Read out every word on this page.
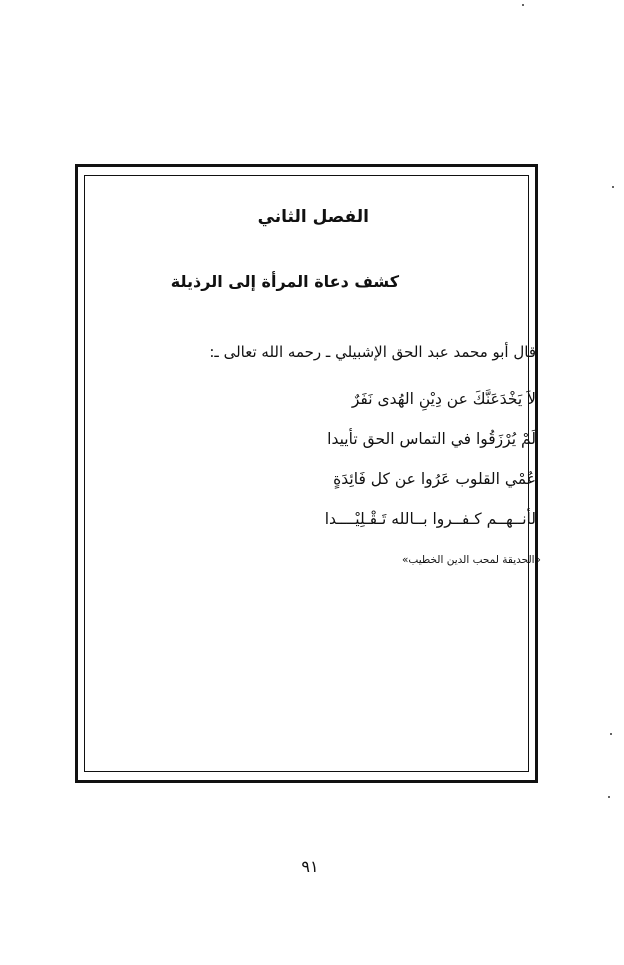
الفصل الثاني
كشف دعاة المرأة إلى الرذيلة
قال أبو محمد عبد الحق الإشبيلي ـ رحمه الله تعالى ـ:
لاَ يَخْدَعَنَّكَ عن دِيْنِ الهُدى نَفَرٌ
لَمْ يُرْزَقُوا في التماس الحق تأييدا
عُمْي القلوب عَرُوا عن كل فَائِدَةٍ
لأنــهــم كـفــروا بــالله تَـقْـلِيْــــدا
«الحديقة لمحب الدين الخطيب»
٩١
